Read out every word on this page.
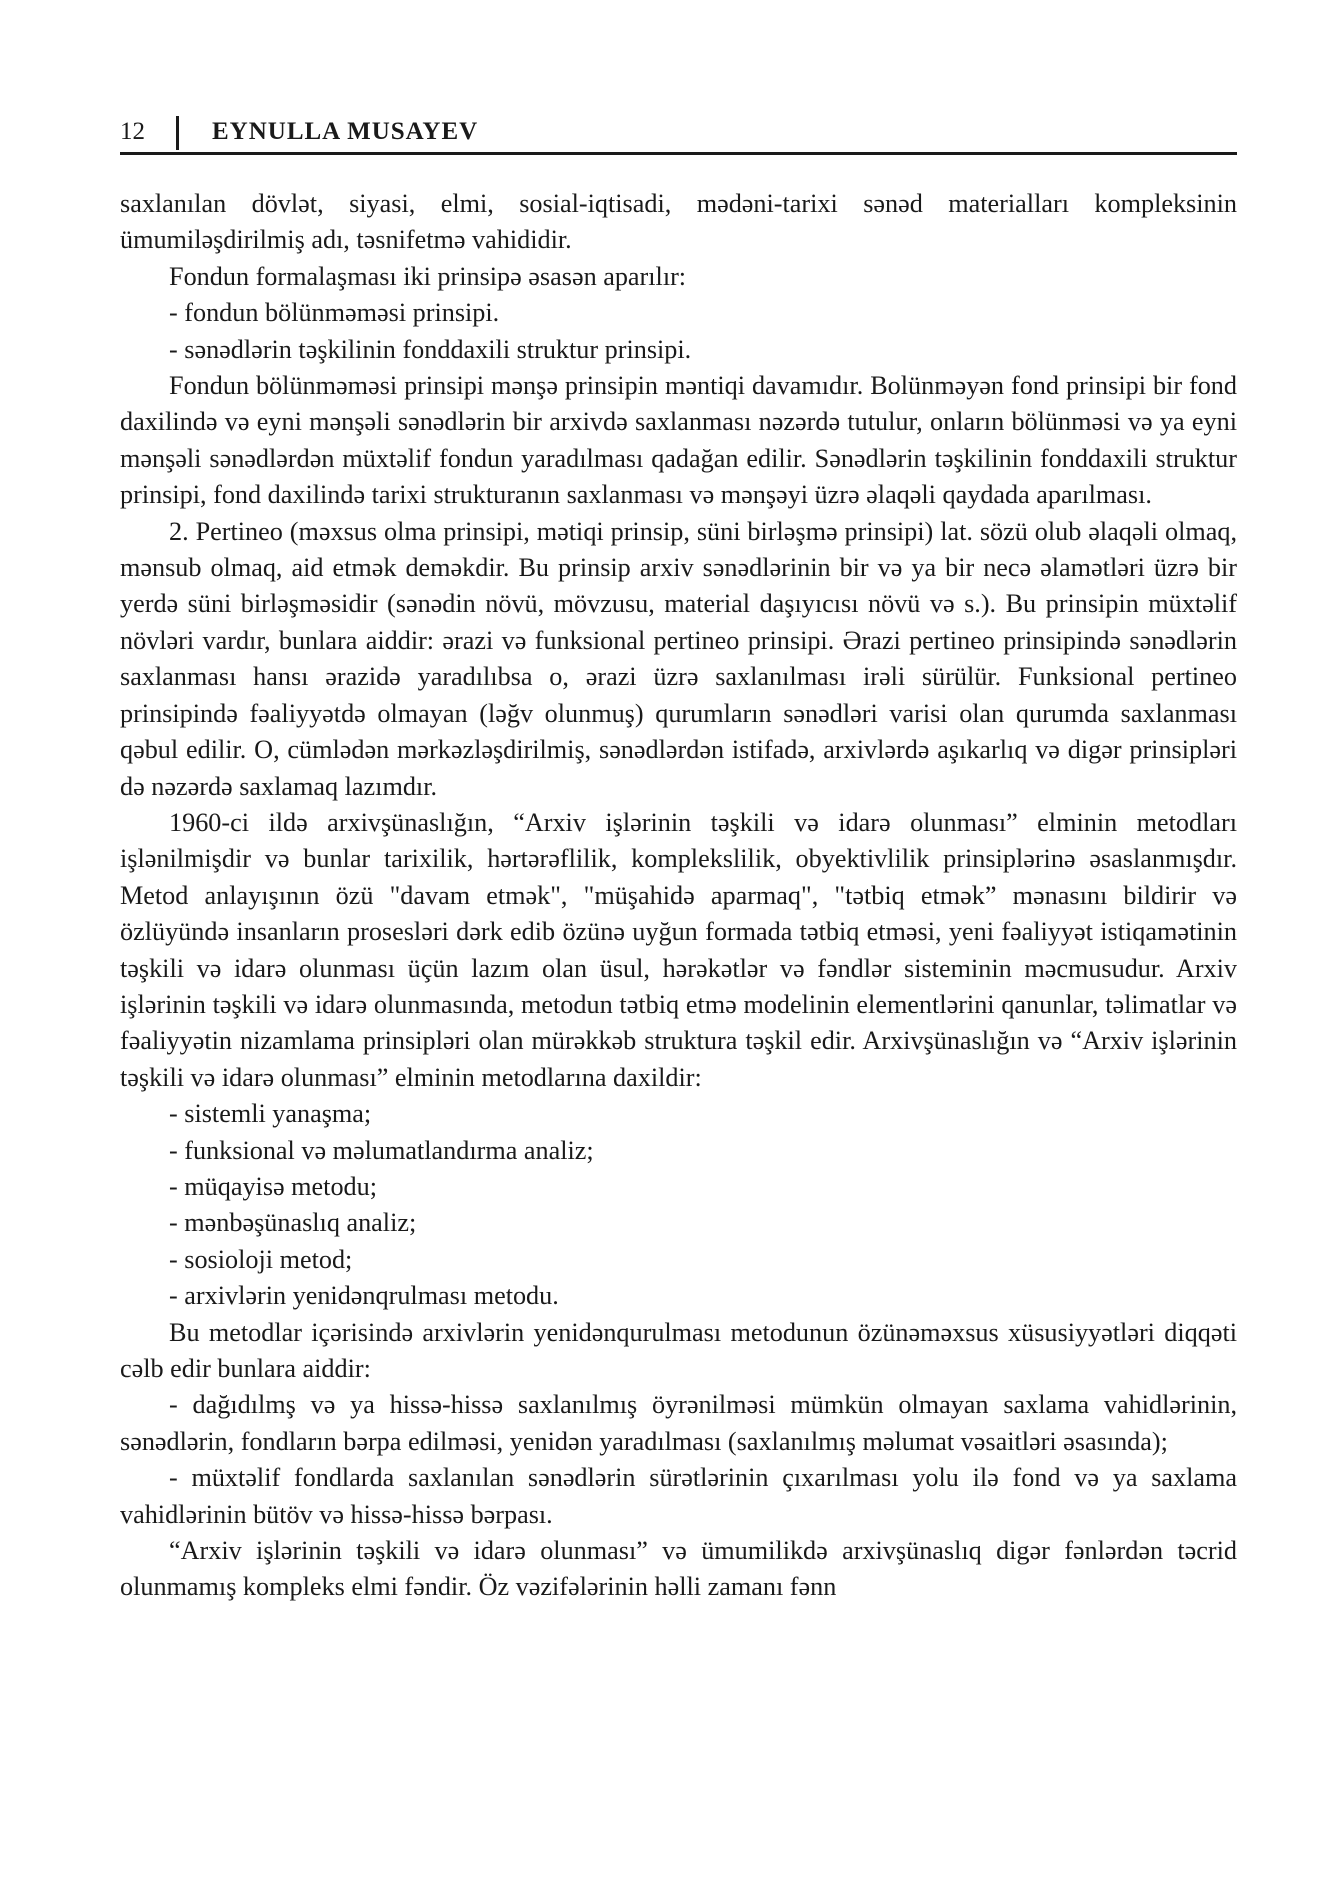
12	EYNULLA MUSAYEV

saxlanılan dövlət, siyasi, elmi, sosial-iqtisadi, mədəni-tarixi sənəd materialları kompleksinin ümumiləşdirilmiş adı, təsnifetmə vahididir.

Fondun formalaşması iki prinsipə əsasən aparılır:

- fondun bölünməməsi prinsipi.

- sənədlərin təşkilinin fonddaxili struktur prinsipi.

Fondun bölünməməsi prinsipi mənşə prinsipin məntiqi davamıdır. Bolünməyən fond prinsipi bir fond daxilində və eyni mənşəli sənədlərin bir arxivdə saxlanması nəzərdə tutulur, onların bölünməsi və ya eyni mənşəli sənədlərdən müxtəlif fondun yaradılması qadağan edilir. Sənədlərin təşkilinin fonddaxili struktur prinsipi, fond daxilində tarixi strukturanın saxlanması və mənşəyi üzrə əlaqəli qaydada aparılması.

2. Pertineo (məxsus olma prinsipi, mətiqi prinsip, süni birləşmə prinsipi) lat. sözü olub əlaqəli olmaq, mənsub olmaq, aid etmək deməkdir. Bu prinsip arxiv sənədlərinin bir və ya bir necə əlamətləri üzrə bir yerdə süni birləşməsidir (sənədin növü, mövzusu, material daşıyıcısı növü və s.). Bu prinsipin müxtəlif növləri vardır, bunlara aiddir: ərazi və funksional pertineo prinsipi. Ərazi pertineo prinsipində sənədlərin saxlanması hansı ərazidə yaradılıbsa o, ərazi üzrə saxlanılması irəli sürülür. Funksional pertineo prinsipində fəaliyyətdə olmayan (ləğv olunmuş) qurumların sənədləri varisi olan qurumda saxlanması qəbul edilir. O, cümlədən mərkəzləşdirilmiş, sənədlərdən istifadə, arxivlərdə aşıkarlıq və digər prinsipləri də nəzərdə saxlamaq lazımdır.

1960-ci ildə arxivşünaslığın, “Arxiv işlərinin təşkili və idarə olunması” elminin metodları işlənilmişdir və bunlar tarixilik, hərtərəflilik, komplekslilik, obyektivlilik prinsiplərinə əsaslanmışdır. Metod anlayışının özü "davam etmək", "müşahidə aparmaq", "tətbiq etmək” mənasını bildirir və özlüyündə insanların prosesləri dərk edib özünə uyğun formada tətbiq etməsi, yeni fəaliyyət istiqamətinin təşkili və idarə olunması üçün lazım olan üsul, hərəkətlər və fəndlər sisteminin məcmusudur. Arxiv işlərinin təşkili və idarə olunmasında, metodun tətbiq etmə modelinin elementlərini qanunlar, təlimatlar və fəaliyyətin nizamlama prinsipləri olan mürəkkəb struktura təşkil edir. Arxivşünaslığın və “Arxiv işlərinin təşkili və idarə olunması” elminin metodlarına daxildir:

- sistemli yanaşma;

- funksional və məlumatlandırma analiz;

- müqayisə metodu;

- mənbəşünaslıq analiz;

- sosioloji metod;

- arxivlərin yenidənqrulması metodu.

Bu metodlar içərisində arxivlərin yenidənqurulması metodunun özünəməxsus xüsusiyyətləri diqqəti cəlb edir bunlara aiddir:

- dağıdılmş və ya hissə-hissə saxlanılmış öyrənilməsi mümkün olmayan saxlama vahidlərinin, sənədlərin, fondların bərpa edilməsi, yenidən yaradılması (saxlanılmış məlumat vəsaitləri əsasında);

- müxtəlif fondlarda saxlanılan sənədlərin sürətlərinin çıxarılması yolu ilə fond və ya saxlama vahidlərinin bütöv və hissə-hissə bərpası.

“Arxiv işlərinin təşkili və idarə olunması” və ümumilikdə arxivşünaslıq digər fənlərdən təcrid olunmamış kompleks elmi fəndir. Öz vəzifələrinin həlli zamanı fənn
